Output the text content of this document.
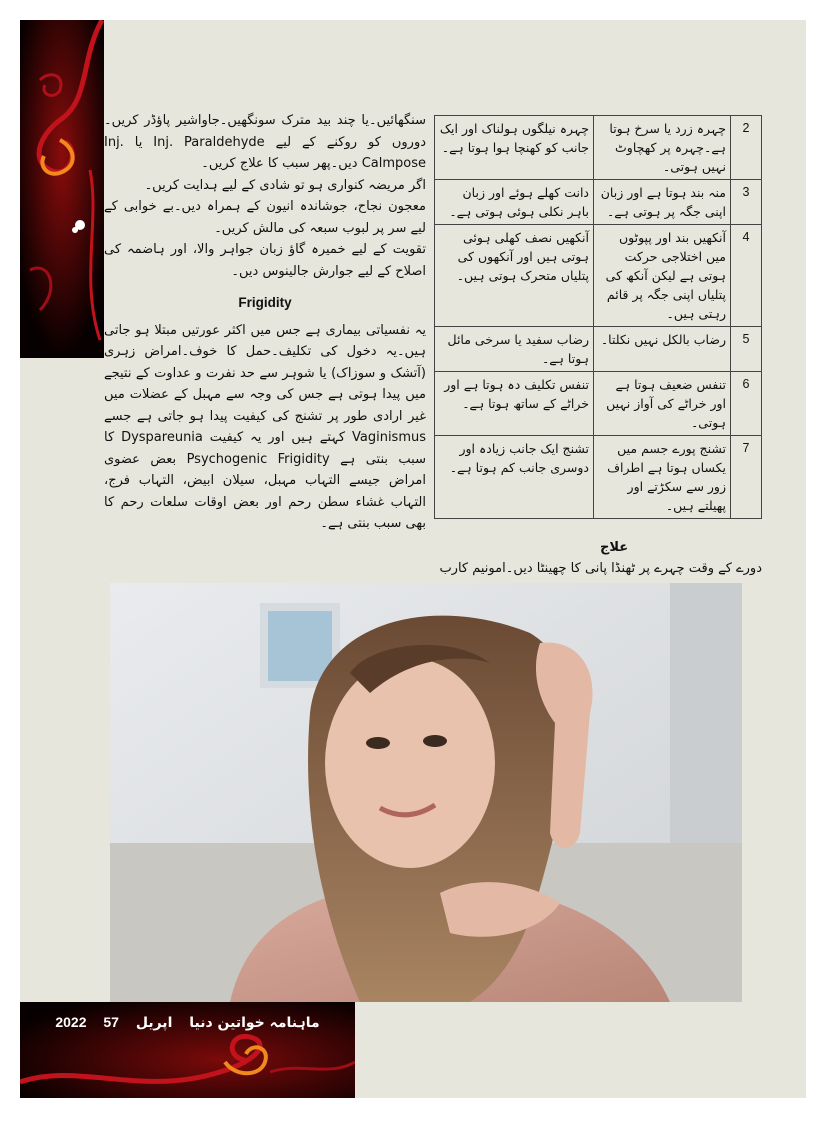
سنگھائیں۔یا چند بید مترک سونگھیں۔جاواشیر پاؤڈر کریں۔دوروں کو روکنے کے لیے Inj. Paraldehyde یا Inj. Calmpose دیں۔پھر سبب کا علاج کریں۔

اگر مریضہ کنواری ہو تو شادی کے لیے ہدایت کریں۔

معجون نجاح، جوشاندہ انیون کے ہمراہ دیں۔بے خوابی کے لیے سر پر لبوب سبعہ کی مالش کریں۔

تقویت کے لیے خمیرہ گاؤ زبان جواہر والا، اور ہاضمہ کی اصلاح کے لیے جوارش جالینوس دیں۔

Frigidity

یہ نفسیاتی بیماری ہے جس میں اکثر عورتیں مبتلا ہو جاتی ہیں۔یہ دخول کی تکلیف۔حمل کا خوف۔امراض زہری (آتشک و سوزاک) یا شوہر سے حد نفرت و عداوت کے نتیجے میں پیدا ہوتی ہے جس کی وجہ سے مہبل کے عضلات میں غیر ارادی طور پر تشنج کی کیفیت پیدا ہو جاتی ہے جسے Vaginismus کہتے ہیں اور یہ کیفیت Dyspareunia کا سبب بنتی ہے Psychogenic Frigidity بعض عضوی امراض جیسے التہاب مہبل، سیلان ابیض، التہاب فرج، التہاب غشاء سطن رحم اور بعض اوقات سلعات رحم کا بھی سبب بنتی ہے۔

2	چہرہ زرد یا سرخ ہوتا ہے۔چہرہ پر کھچاوٹ نہیں ہوتی۔	چہرہ نیلگوں ہولناک اور ایک جانب کو کھنچا ہوا ہوتا ہے۔
3	منہ بند ہوتا ہے اور زبان اپنی جگہ پر ہوتی ہے۔	دانت کھلے ہوئے اور زبان باہر نکلی ہوئی ہوتی ہے۔
4	آنکھیں بند اور پپوٹوں میں اختلاجی حرکت ہوتی ہے لیکن آنکھ کی پتلیاں اپنی جگہ پر قائم رہتی ہیں۔	آنکھیں نصف کھلی ہوئی ہوتی ہیں اور آنکھوں کی پتلیاں متحرک ہوتی ہیں۔
5	رضاب بالکل نہیں نکلتا۔	رضاب سفید یا سرخی مائل ہوتا ہے۔
6	تنفس ضعیف ہوتا ہے اور خراٹے کی آواز نہیں ہوتی۔	تنفس تکلیف دہ ہوتا ہے اور خراٹے کے ساتھ ہوتا ہے۔
7	تشنج پورے جسم میں یکساں ہوتا ہے اطراف زور سے سکڑتے اور پھیلتے ہیں۔	تشنج ایک جانب زیادہ اور دوسری جانب کم ہوتا ہے۔
علاج
دورے کے وقت چہرے پر ٹھنڈا پانی کا چھینٹا دیں۔امونیم کارب
ماہنامہ خواتین دنیا اپریل 2022 57
